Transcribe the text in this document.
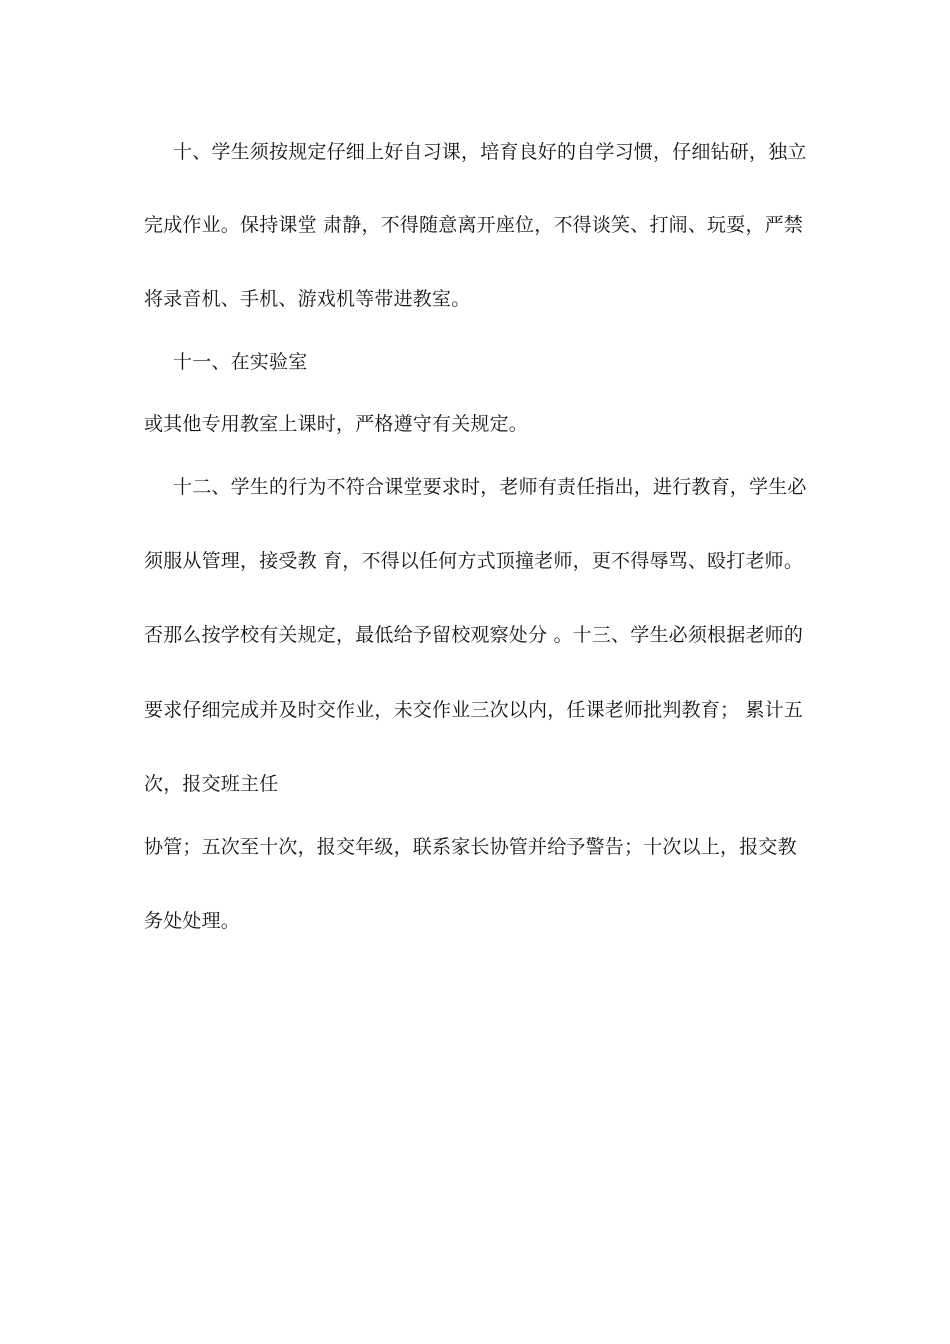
十、学生须按规定仔细上好自习课，培育良好的自学习惯，仔细钻研，独立
完成作业。保持课堂 肃静，不得随意离开座位，不得谈笑、打闹、玩耍，严禁
将录音机、手机、游戏机等带进教室。
十一、在实验室
或其他专用教室上课时，严格遵守有关规定。
十二、学生的行为不符合课堂要求时，老师有责任指出，进行教育，学生必
须服从管理，接受教 育，不得以任何方式顶撞老师，更不得辱骂、殴打老师。
否那么按学校有关规定，最低给予留校观察处分 。十三、学生必须根据老师的
要求仔细完成并及时交作业，未交作业三次以内，任课老师批判教育； 累计五
次，报交班主任
协管；五次至十次，报交年级，联系家长协管并给予警告；十次以上，报交教
务处处理。
